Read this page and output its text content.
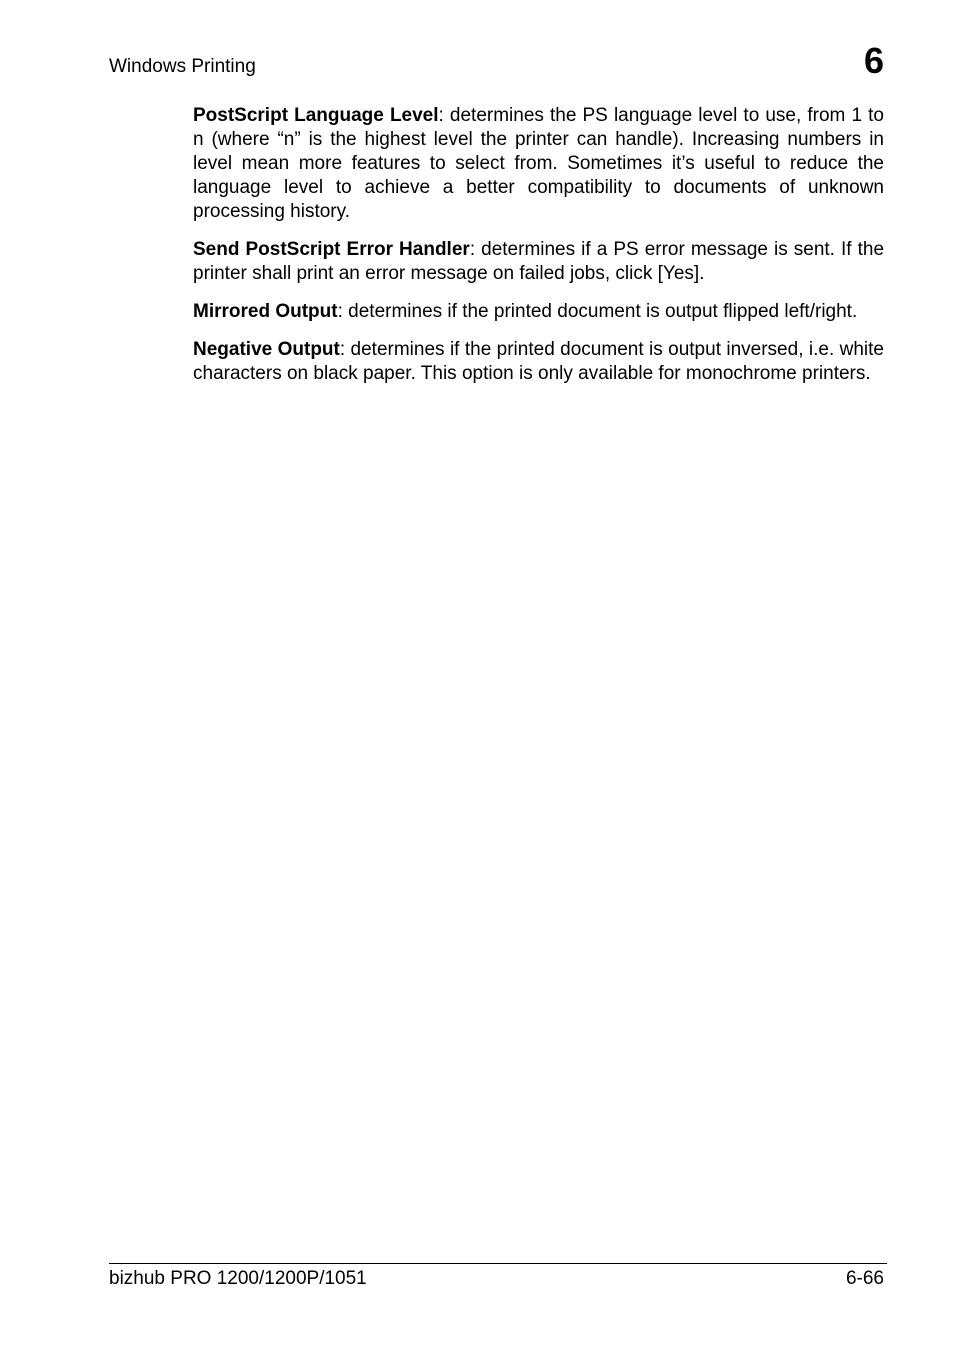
Windows Printing	6

PostScript Language Level: determines the PS language level to use, from 1 to n (where “n” is the highest level the printer can handle). Increasing numbers in level mean more features to select from. Sometimes it’s useful to reduce the language level to achieve a better compatibility to documents of unknown processing history.

Send PostScript Error Handler: determines if a PS error message is sent. If the printer shall print an error message on failed jobs, click [Yes].

Mirrored Output: determines if the printed document is output flipped left/right.

Negative Output: determines if the printed document is output inversed, i.e. white characters on black paper. This option is only available for monochrome printers.

bizhub PRO 1200/1200P/1051	6-66
